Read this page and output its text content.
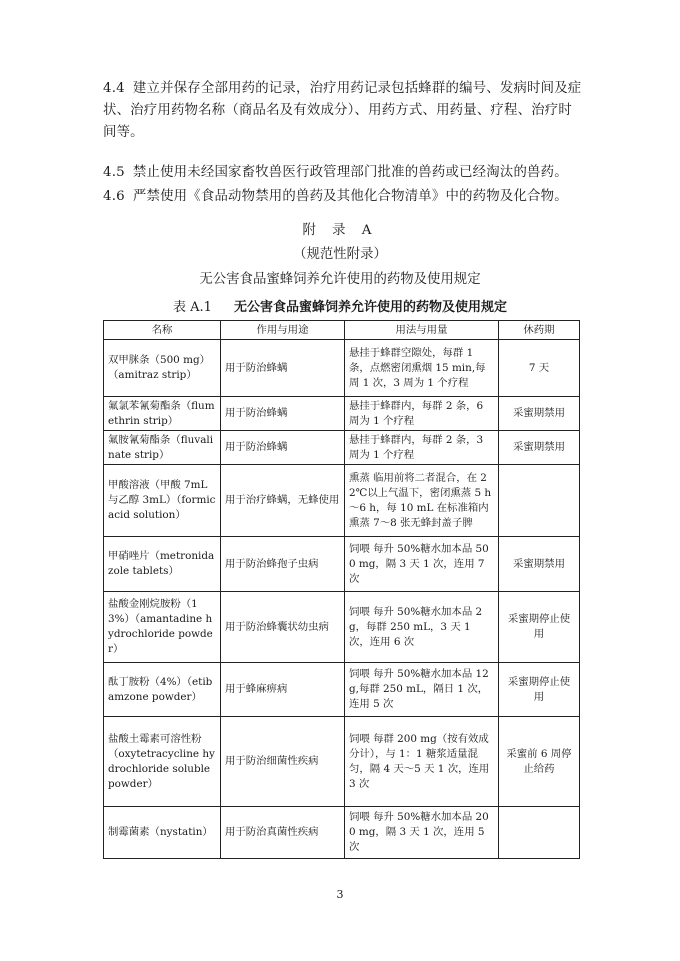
4.4 建立并保存全部用药的记录，治疗用药记录包括蜂群的编号、发病时间及症状、治疗用药物名称（商品名及有效成分）、用药方式、用药量、疗程、治疗时间等。
4.5 禁止使用未经国家畜牧兽医行政管理部门批准的兽药或已经淘汰的兽药。
4.6 严禁使用《食品动物禁用的兽药及其他化合物清单》中的药物及化合物。
附 录 A
（规范性附录）
无公害食品蜜蜂饲养允许使用的药物及使用规定
表 A.1 无公害食品蜜蜂饲养允许使用的药物及使用规定
名称	作用与用途	用法与用量	休药期
双甲脒条（500 mg）（amitraz strip）	用于防治蜂螨	悬挂于蜂群空隙处，每群 1 条，点燃密闭熏烟 15 min,每周 1 次，3 周为 1 个疗程	7 天
氟氯苯氰菊酯条（flumethrin strip）	用于防治蜂螨	悬挂于蜂群内，每群 2 条，6 周为 1 个疗程	采蜜期禁用
氟胺氰菊酯条（fluvalinate strip）	用于防治蜂螨	悬挂于蜂群内，每群 2 条，3 周为 1 个疗程	采蜜期禁用
甲酸溶液（甲酸 7mL 与乙醇 3mL）（formic acid solution）	用于治疗蜂螨，无蜂使用	熏蒸 临用前将二者混合，在 22℃以上气温下，密闭熏蒸 5 h～6 h，每 10 mL 在标准箱内熏蒸 7～8 张无蜂封盖子脾	
甲硝唑片（metronidazole tablets）	用于防治蜂孢子虫病	饲喂 每升 50%糖水加本品 500 mg，隔 3 天 1 次，连用 7 次	采蜜期禁用
盐酸金刚烷胺粉（13%）（amantadine hydrochloride powder）	用于防治蜂囊状幼虫病	饲喂 每升 50%糖水加本品 2 g，每群 250 mL，3 天 1 次，连用 6 次	采蜜期停止使用
酞丁胺粉（4%）（etibamzone powder）	用于蜂麻痹病	饲喂 每升 50%糖水加本品 12 g,每群 250 mL，隔日 1 次，连用 5 次	采蜜期停止使用
盐酸土霉素可溶性粉（oxytetracycline hydrochloride soluble powder）	用于防治细菌性疾病	饲喂 每群 200 mg（按有效成分计），与 1：1 糖浆适量混匀，隔 4 天～5 天 1 次，连用 3 次	采蜜前 6 周停止给药
制霉菌素（nystatin）	用于防治真菌性疾病	饲喂 每升 50%糖水加本品 200 mg，隔 3 天 1 次，连用 5 次	
3
